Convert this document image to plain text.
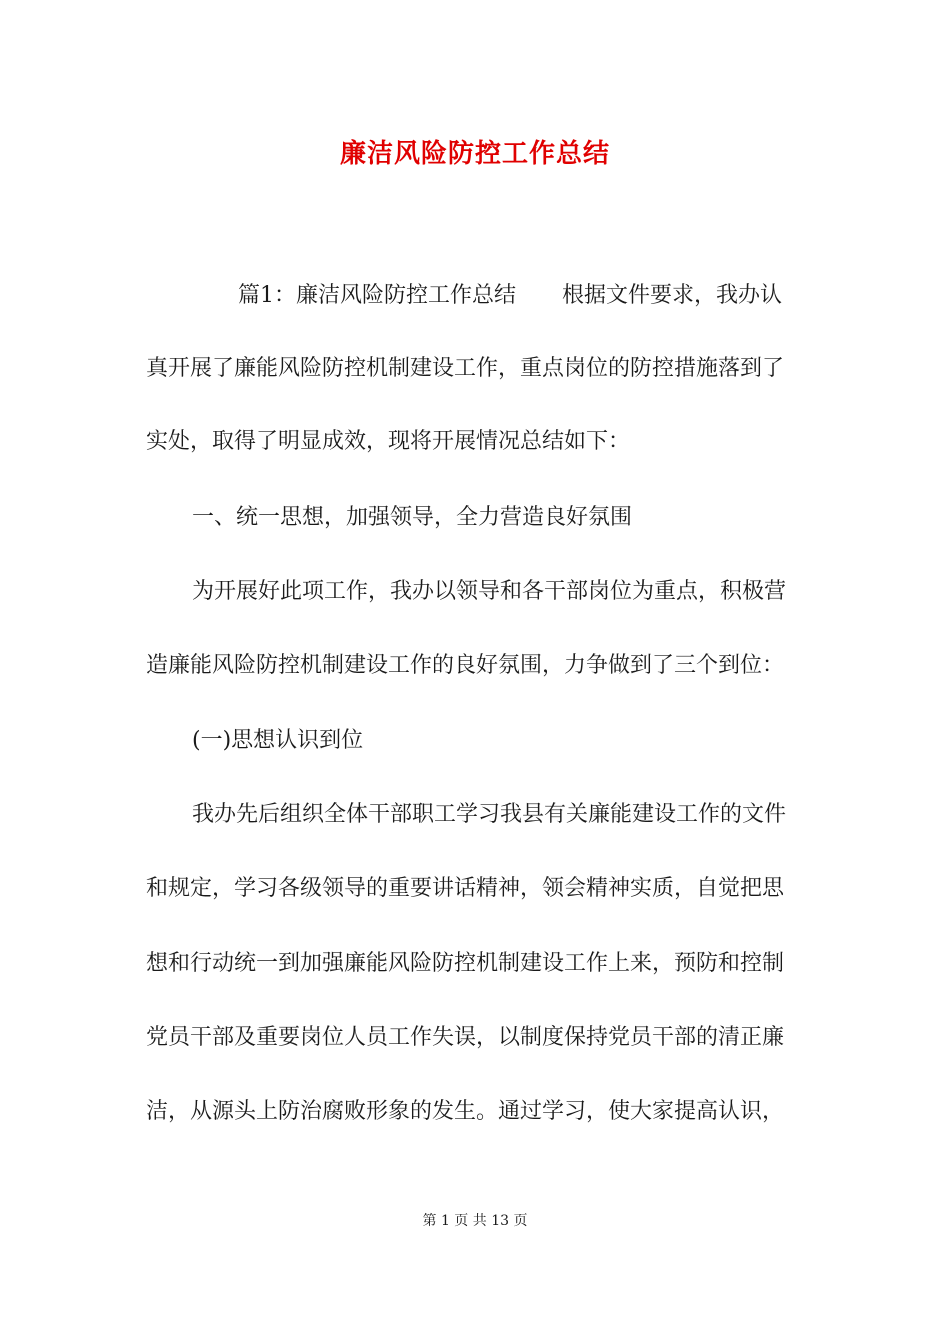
廉洁风险防控工作总结
篇1：廉洁风险防控工作总结 根据文件要求，我办认
真开展了廉能风险防控机制建设工作，重点岗位的防控措施落到了
实处，取得了明显成效，现将开展情况总结如下：
一、统一思想，加强领导，全力营造良好氛围
为开展好此项工作，我办以领导和各干部岗位为重点，积极营
造廉能风险防控机制建设工作的良好氛围，力争做到了三个到位：
(一)思想认识到位
我办先后组织全体干部职工学习我县有关廉能建设工作的文件
和规定，学习各级领导的重要讲话精神，领会精神实质，自觉把思
想和行动统一到加强廉能风险防控机制建设工作上来，预防和控制
党员干部及重要岗位人员工作失误，以制度保持党员干部的清正廉
洁，从源头上防治腐败形象的发生。通过学习，使大家提高认识，
第 1 页 共 13 页
